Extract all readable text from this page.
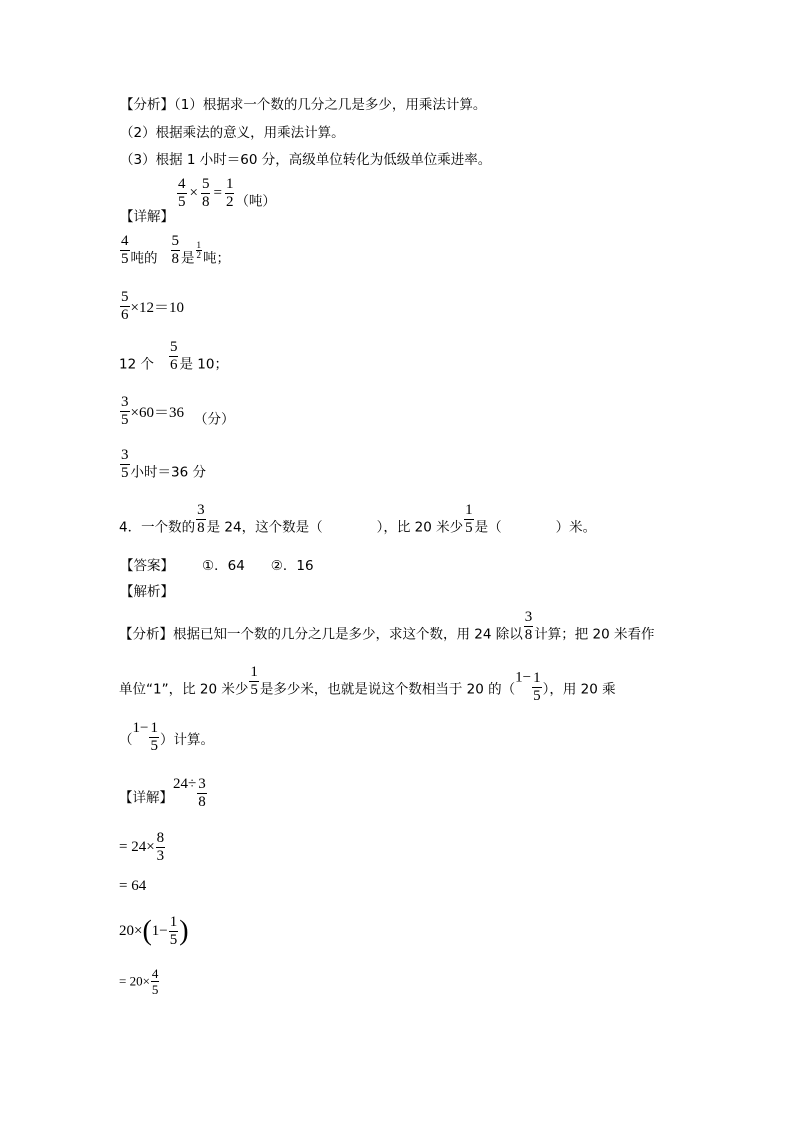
【分析】（1）根据求一个数的几分之几是多少，用乘法计算。
（2）根据乘法的意义，用乘法计算。
（3）根据 1 小时＝60 分，高级单位转化为低级单位乘进率。
【详解】
$\frac{4}{5} \times \frac{5}{8} = \frac{1}{2}$ （吨）
$\frac{4}{5}$ 吨的 $\frac{5}{8}$ 是 $\frac{1}{2}$ 吨；
$\frac{5}{6} \times 12=10$
12 个 $\frac{5}{6}$ 是 10；
$\frac{3}{5} \times 60=36$ （分）
$\frac{3}{5}$ 小时＝36 分
4．一个数的 $\frac{3}{8}$ 是 24，这个数是（　　　　），比 20 米少 $\frac{1}{5}$ 是（　　　　）米。
【答案】 ①．64 ②．16
【解析】
【分析】根据已知一个数的几分之几是多少，求这个数，用 24 除以 $\frac{3}{8}$ 计算；把 20 米看作
单位“1”，比 20 米少 $\frac{1}{5}$ 是多少米，也就是说这个数相当于 20 的（$1- \frac{1}{5}$ ），用 20 乘
（$1- \frac{1}{5}$ ）计算。
【详解】$24\div \frac{3}{8}$
= $24\times \frac{8}{3}$
= 64
$20\times(1- \frac{1}{5}$ )
= $20\times \frac{4}{5}$
